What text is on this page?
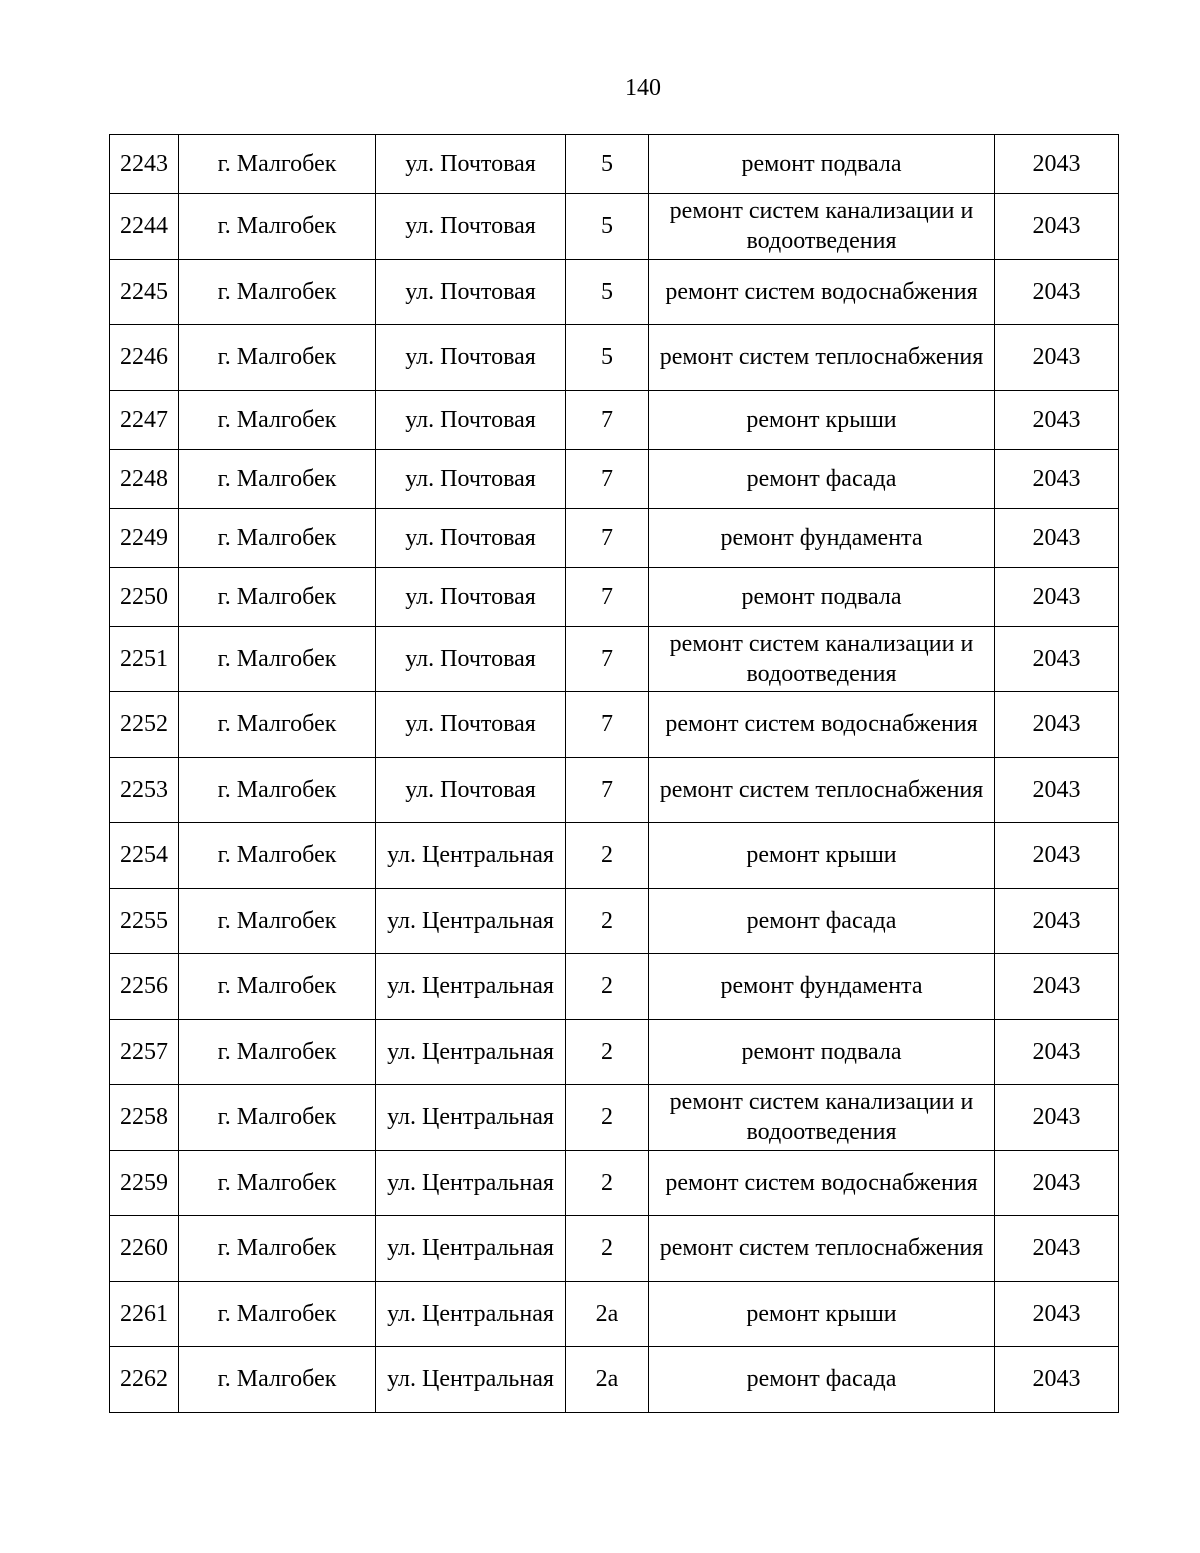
140
2243	г. Малгобек	ул. Почтовая	5	ремонт подвала	2043
2244	г. Малгобек	ул. Почтовая	5	ремонт систем канализации и водоотведения	2043
2245	г. Малгобек	ул. Почтовая	5	ремонт систем водоснабжения	2043
2246	г. Малгобек	ул. Почтовая	5	ремонт систем теплоснабжения	2043
2247	г. Малгобек	ул. Почтовая	7	ремонт крыши	2043
2248	г. Малгобек	ул. Почтовая	7	ремонт фасада	2043
2249	г. Малгобек	ул. Почтовая	7	ремонт фундамента	2043
2250	г. Малгобек	ул. Почтовая	7	ремонт подвала	2043
2251	г. Малгобек	ул. Почтовая	7	ремонт систем канализации и водоотведения	2043
2252	г. Малгобек	ул. Почтовая	7	ремонт систем водоснабжения	2043
2253	г. Малгобек	ул. Почтовая	7	ремонт систем теплоснабжения	2043
2254	г. Малгобек	ул. Центральная	2	ремонт крыши	2043
2255	г. Малгобек	ул. Центральная	2	ремонт фасада	2043
2256	г. Малгобек	ул. Центральная	2	ремонт фундамента	2043
2257	г. Малгобек	ул. Центральная	2	ремонт подвала	2043
2258	г. Малгобек	ул. Центральная	2	ремонт систем канализации и водоотведения	2043
2259	г. Малгобек	ул. Центральная	2	ремонт систем водоснабжения	2043
2260	г. Малгобек	ул. Центральная	2	ремонт систем теплоснабжения	2043
2261	г. Малгобек	ул. Центральная	2а	ремонт крыши	2043
2262	г. Малгобек	ул. Центральная	2а	ремонт фасада	2043
